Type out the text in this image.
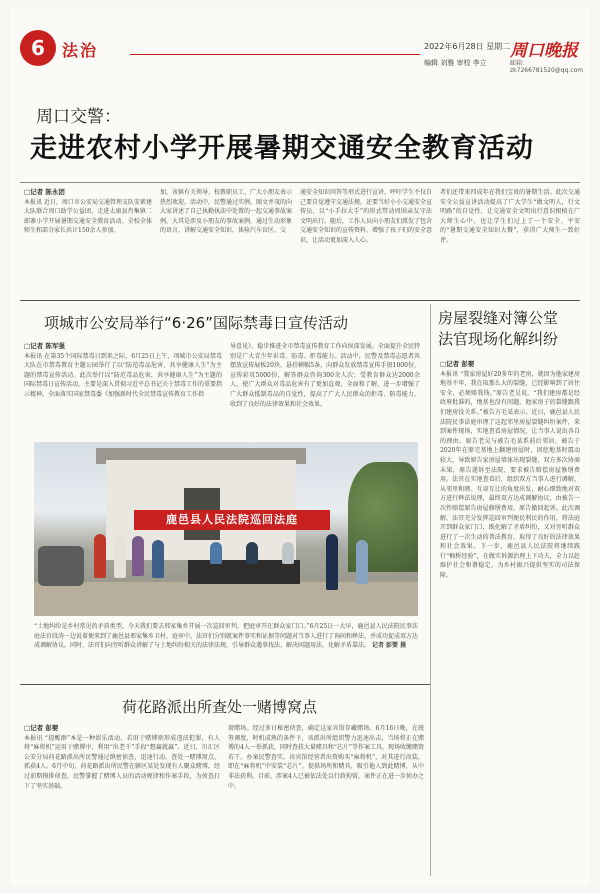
6	法治	2022年6月28日 星期二
编辑 刘雅 审校 李立
周口晚报
邮箱：zk7266781520@qq.com
周口交警：
走进农村小学开展暑期交通安全教育活动
□记者 陈永团
本报讯 近日，周口市公安局交通管理支队安素建大队联合周口助学公益团，走进太康县肖集镇二郎寨小学开展暑期交通安全教育活动。全校全体师生和部分家长共计150余人参加。
加，该镇有关领导、校教职员工、广大小朋友表示热烈欢迎。活动中，民警通过实例，图文并茂的向大家讲述了自己执勤执法中处置的一起交通事故案例，大其是涉及小朋友的事故案例，通过生动形象的语言，讲解交通安全知识，体验汽车盲区、交
通安全知识问答等形式进行宣讲，呼吁学生不仅自己要自觉遵守交通法规，还要当好小小交通安全宣传员，以“小手拉大手”的形式带动周围亲友守法文明出行。随后，工作人员向小朋友们派发了包含交通安全知识的宣传资料，增强了孩子们的安全意识，让活动更加深入人心。
者们还带来四成年在我们宝贵的暑期生活。此次交通安全公益宣讲活动提高了广大学生“做文明人，行文明路”的自觉性，让交通安全文明出行意识根植在广大师生心中，也让学生们过上了一个安全、平安的“暑期交通安全知识大餐”，获得广大师生一致好评。
项城市公安局举行“6·26”国际禁毒日宣传活动
□记者 陈军强
本报讯 在第35个国际禁毒日到来之际，6月25日上午，项城市公安局禁毒大队在市禁毒教育主题公园举行了以“防范毒品危害，共享健康人生”为主题的禁毒宣传活动。此次举行以“防范毒品危害，共享健康人生”为主题的国际禁毒日宣传活动，主要是深入贯彻习近平总书记关于禁毒工作的重要指示精神，全面落实国家禁毒委《加强新时代全民禁毒宣传教育工作指
导意见》，稳步推进全市禁毒宣传教育工作向纵深发展。全面提升全民特别是广大青少年识毒、防毒、拒毒能力。活动中，民警及禁毒志愿者共摆放宣传展板20块，悬挂横幅5条，向群众发放禁毒宣传手册1000份，宣传彩页5000份，解答群众咨询300余人次；受教育群众达2000余人，使广大群众对毒品危害有了更加直观、全面和了解，进一步增强了广大群众抵制毒品的自觉性，提高了广大人民群众的拒毒、防毒能力，收到了良好的法律效果和社会效果。
鹿邑县人民法院巡回法庭
“土地纠纷是乡村常见的矛盾类型，今天我们要去邢家集乡开展一次巡回审判，把庭审开在群众家门口。”6月25日一大早，鹿邑县人民法院民事法庭法官段涛一边说着便来到了鹿邑县邢家集乡卫村，庭审中，法官们分别就案件事实和证据等问题对当事人进行了询问和释法，并成功促成双方达成调解协议。同时，法官们向旁听群众讲解了与土地纠纷相关的法律法规，引导群众遇事找法、解决问题用法、化解矛盾靠法。 记者 彭婴 摄
荷花路派出所查处一赌博窝点
□记者 彭婴
本报讯 “提醒群”本是一种娱乐活动，若用于赌博则形成违法犯罪，有人将“麻将机”运用于赌博中，利用“出老千”手段“想赢就赢”。近日，川汇区公安分局荷花路派出所民警通过缜密侦查，迅速行动，查处一赌博窝点，抓获4人。6月中旬，荷花路派出所民警在辖区某处发现有人聚众赌博，经过前期摸排侦查，民警掌握了赌博人员的活动规律和作案手段，为侦查打下了坚实基础。
窝赌场。经过多日秘密侦查，确定这家宾馆存藏赌场。6月16日晚，在统筹调度，时机成熟的条件下，该派出所组织警力迅速出击，当场将正在赌博的4人一举抓获，同时查获大量赌具和“芯片”等作案工具，现场收缴赌资若干。办案民警查实，该宾馆经营者出资购买“麻将机”，对其进行改装，即在“麻将机”中安装“芯片”，提供场所和赌具，吸引他人到此赌博，从中非法获利。目前，涉案4人已被依法处以行政拘留，案件正在进一步侦办之中。
房屋裂缝对簿公堂
法官现场化解纠纷
□记者 彭婴
本报讯 “我家房屋好20多年的老房，就因为他家建房地基不牢，我在取那么大的裂缝，已经影响到了居住安全，必须赔我钱。”原告老吴说。“我们建房都是经政府批准的，地基也没有问题，他家房子的裂缝跟我们建房没关系。”被告方毛某表示。近日，鹿邑县人民法院民事法庭审理了这起邻里房屋裂缝纠纷案件，来到案件现场，实地查看房屋情况，让当事人说出各自的理由。原告老吴与被告毛某系前后邻居，被告于2020年在原宅基地上翻建房屋时，因挖地基时震动较大，导致原告家房屋墙体出现裂缝，双方多次协商未果，原告遂诉至法院，要求被告赔偿房屋修缮费用。法官在实地查看后，组织双方当事人进行调解，从邻里和睦、互谅互让的角度出发，耐心细致地对双方进行释法说理，最终双方达成调解协议，由被告一次性赔偿原告房屋修缮费用，原告撤回起诉。此次调解，法官充分发挥巡回审判便民利民的作用，将法庭开到群众家门口，既化解了矛盾纠纷，又对旁听群众进行了一次生动的普法教育，取得了良好的法律效果和社会效果。下一步，鹿邑县人民法院将继续践行“枫桥经验”，在做实诉源治理上下功夫，全力以赴维护社会和谐稳定，为乡村振兴提供坚实的司法保障。
